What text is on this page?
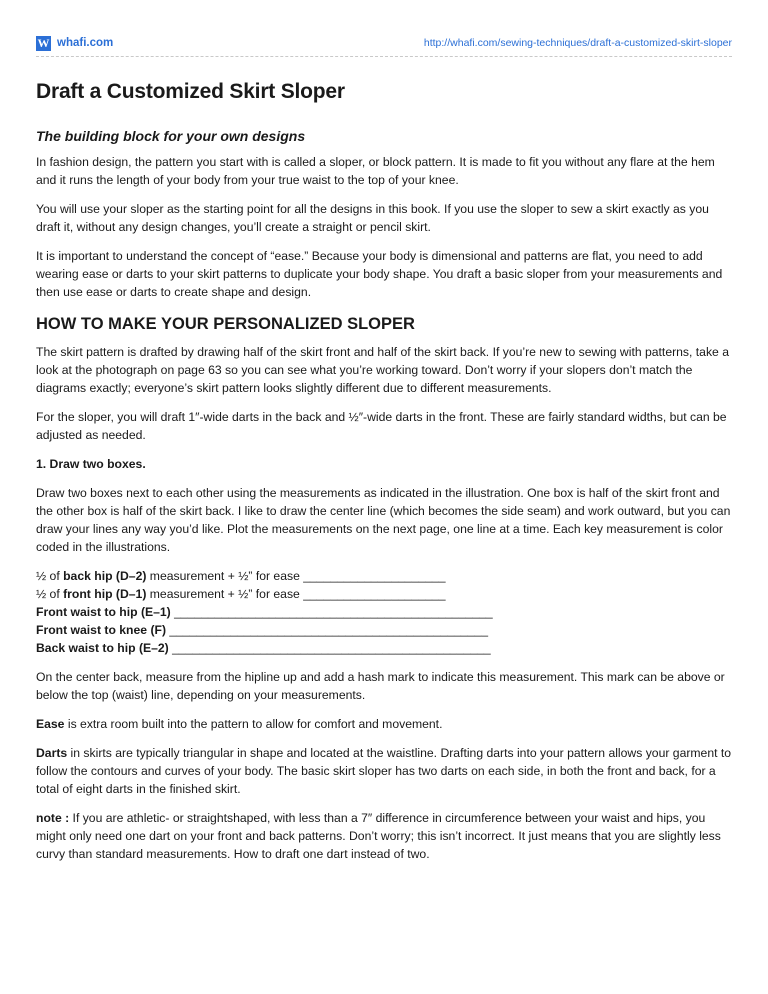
W whafi.com	http://whafi.com/sewing-techniques/draft-a-customized-skirt-sloper
Draft a Customized Skirt Sloper
The building block for your own designs

In fashion design, the pattern you start with is called a sloper, or block pattern. It is made to fit you without any flare at the hem and it runs the length of your body from your true waist to the top of your knee.

You will use your sloper as the starting point for all the designs in this book. If you use the sloper to sew a skirt exactly as you draft it, without any design changes, you’ll create a straight or pencil skirt.

It is important to understand the concept of “ease.” Because your body is dimensional and patterns are flat, you need to add wearing ease or darts to your skirt patterns to duplicate your body shape. You draft a basic sloper from your measurements and then use ease or darts to create shape and design.

HOW TO MAKE YOUR PERSONALIZED SLOPER

The skirt pattern is drafted by drawing half of the skirt front and half of the skirt back. If you’re new to sewing with patterns, take a look at the photograph on page 63 so you can see what you’re working toward. Don’t worry if your slopers don’t match the diagrams exactly; everyone’s skirt pattern looks slightly different due to different measurements.

For the sloper, you will draft 1″-wide darts in the back and ½″-wide darts in the front. These are fairly standard widths, but can be adjusted as needed.

1. Draw two boxes.

Draw two boxes next to each other using the measurements as indicated in the illustration. One box is half of the skirt front and the other box is half of the skirt back. I like to draw the center line (which becomes the side seam) and work outward, but you can draw your lines any way you’d like. Plot the measurements on the next page, one line at a time. Each key measurement is color coded in the illustrations.

½ of back hip (D–2) measurement + ½” for ease _____________________
½ of front hip (D–1) measurement + ½” for ease _____________________
Front waist to hip (E–1) _______________________________________________
Front waist to knee (F) _______________________________________________
Back waist to hip (E–2) _______________________________________________

On the center back, measure from the hipline up and add a hash mark to indicate this measurement. This mark can be above or below the top (waist) line, depending on your measurements.

Ease is extra room built into the pattern to allow for comfort and movement.

Darts in skirts are typically triangular in shape and located at the waistline. Drafting darts into your pattern allows your garment to follow the contours and curves of your body. The basic skirt sloper has two darts on each side, in both the front and back, for a total of eight darts in the finished skirt.

note : If you are athletic- or straightshaped, with less than a 7″ difference in circumference between your waist and hips, you might only need one dart on your front and back patterns. Don’t worry; this isn’t incorrect. It just means that you are slightly less curvy than standard measurements. How to draft one dart instead of two.
